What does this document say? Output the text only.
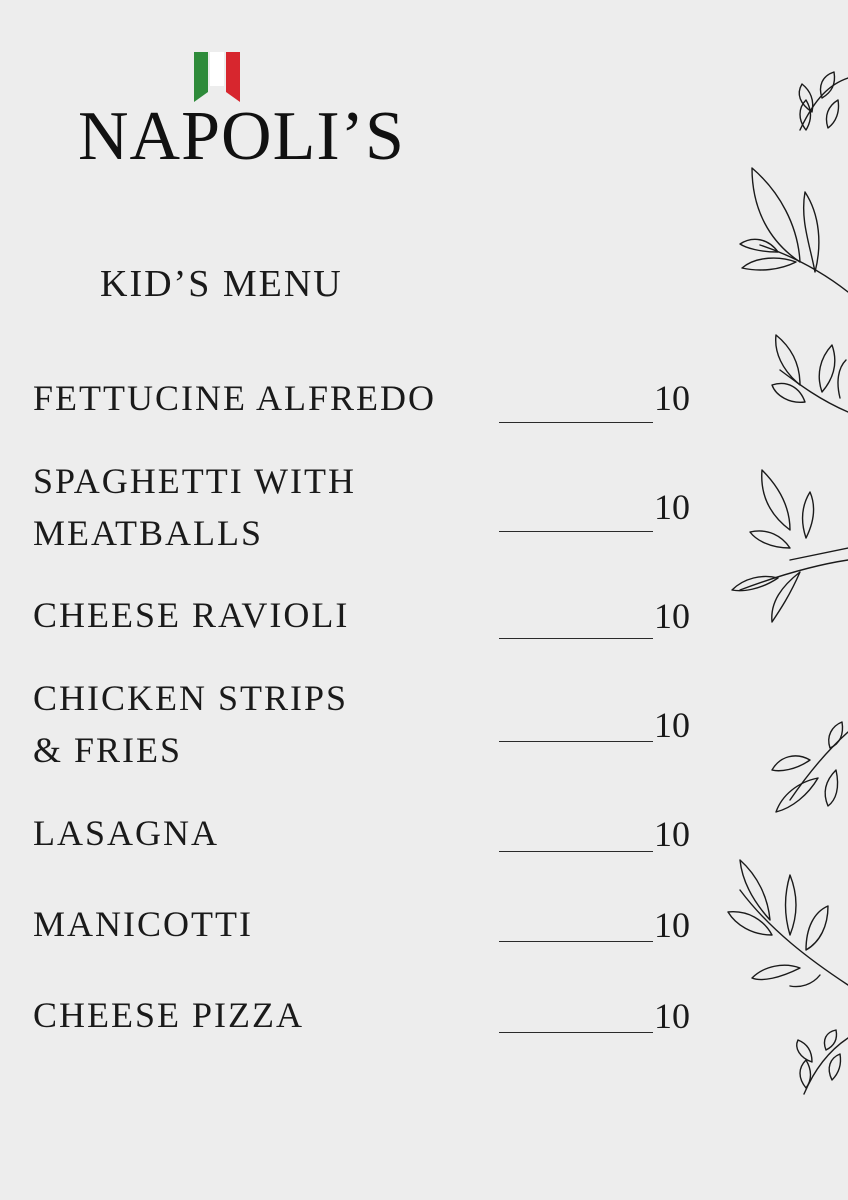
NAPOLI’S
KID’S MENU
FETTUCINE ALFREDO	10
SPAGHETTI WITH
MEATBALLS
10
CHEESE RAVIOLI	10
CHICKEN STRIPS
& FRIES
10
LASAGNA	10
MANICOTTI	10
CHEESE PIZZA	10
